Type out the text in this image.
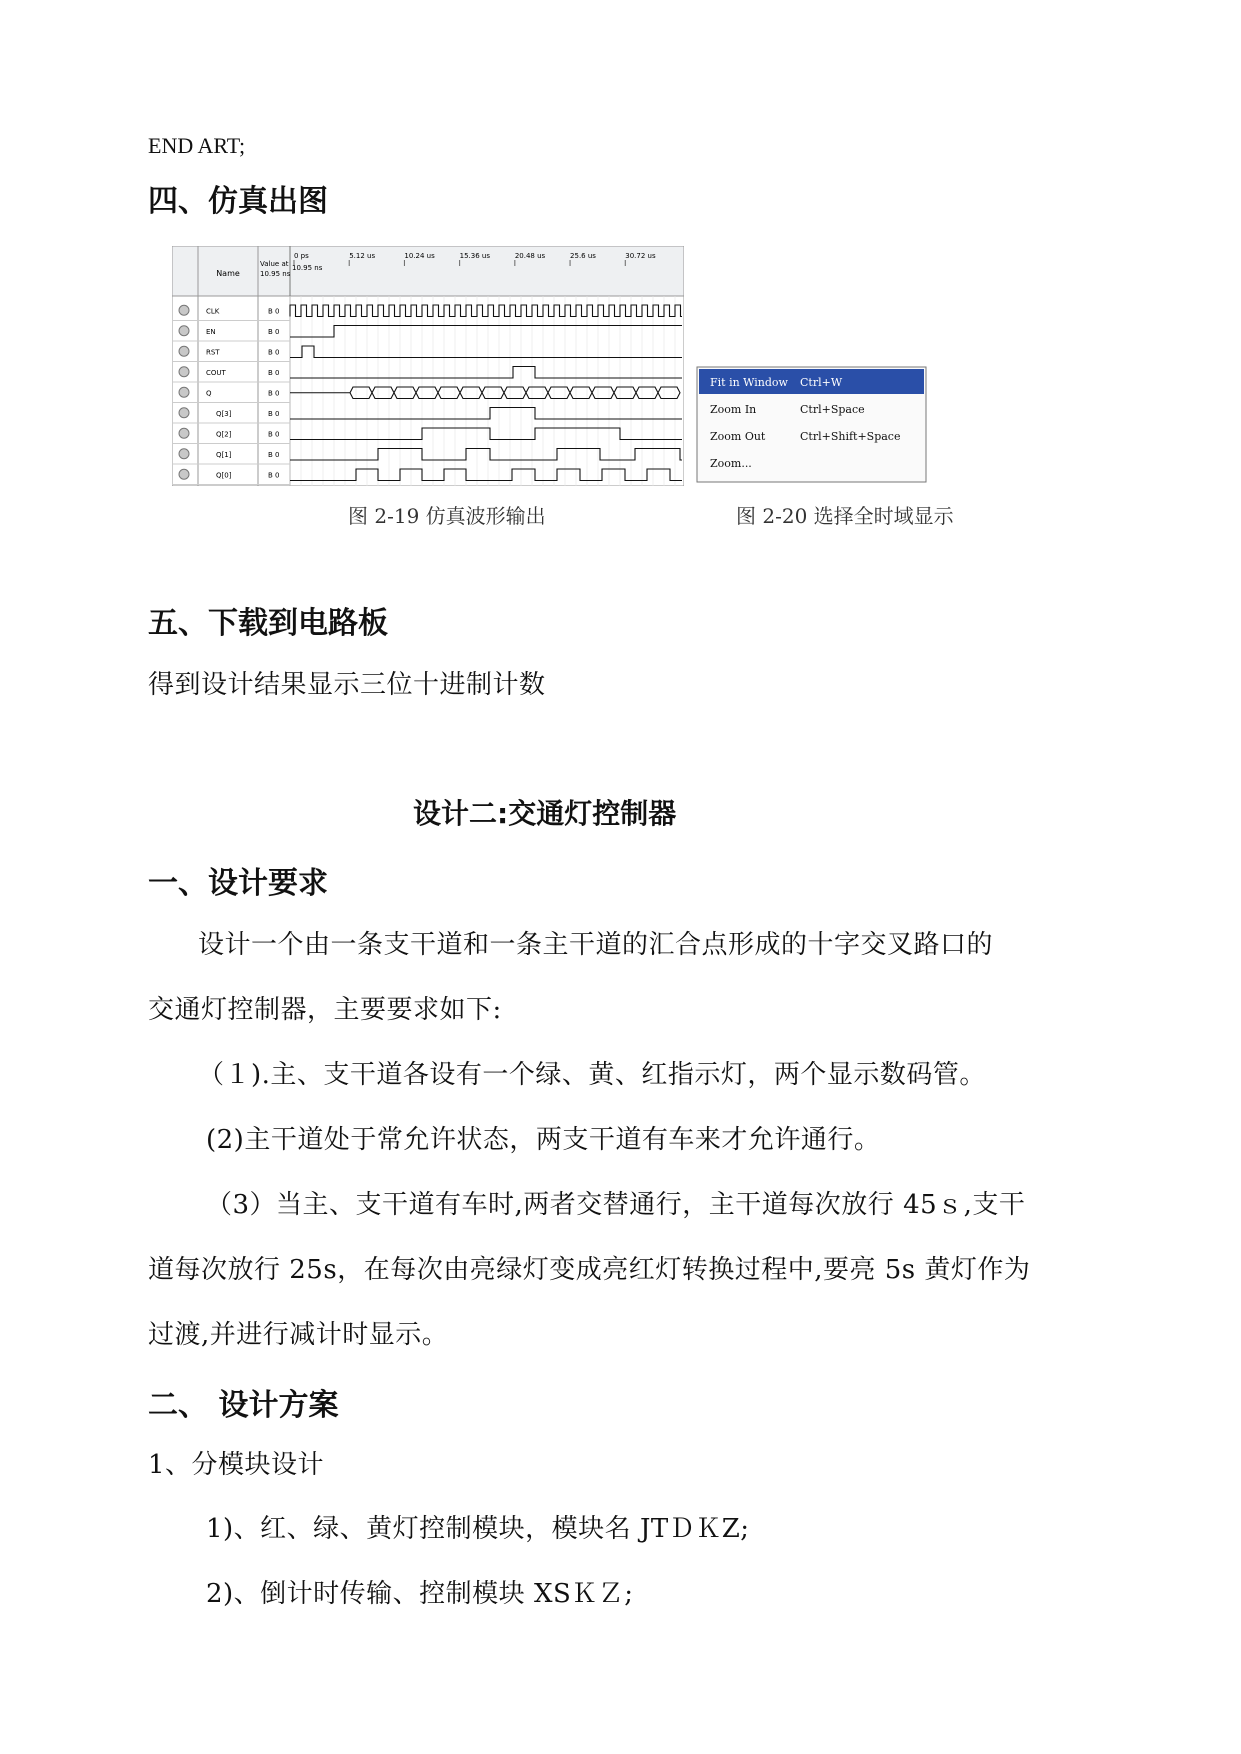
END ART;
四、仿真出图
Name
Value at
10.95 ns
0 ps	5.12 us	10.24 us	15.36 us	20.48 us	25.6 us	30.72 us
10.95 ns
CLK	B 0
EN	B 0
RST	B 0
COUT	B 0
Q	B 0
Q[3]	B 0
Q[2]	B 0
Q[1]	B 0
Q[0]	B 0
图 2-19 仿真波形输出
Fit in Window Ctrl+W
Zoom In	Ctrl+Space
Zoom Out	Ctrl+Shift+Space
Zoom...
图 2-20 选择全时域显示
五、下载到电路板
得到设计结果显示三位十进制计数
设计二:交通灯控制器
一、设计要求
设计一个由一条支干道和一条主干道的汇合点形成的十字交叉路口的
交通灯控制器，主要要求如下:
（１).主、支干道各设有一个绿、黄、红指示灯，两个显示数码管。
(2)主干道处于常允许状态，两支干道有车来才允许通行。
（3）当主、支干道有车时,两者交替通行，主干道每次放行 45ｓ,支干
道每次放行 25s，在每次由亮绿灯变成亮红灯转换过程中,要亮 5s 黄灯作为
过渡,并进行减计时显示。
二、 设计方案
1、分模块设计
1)、红、绿、黄灯控制模块，模块名 JTＤＫZ;
2)、倒计时传输、控制模块 XSＫＺ;
